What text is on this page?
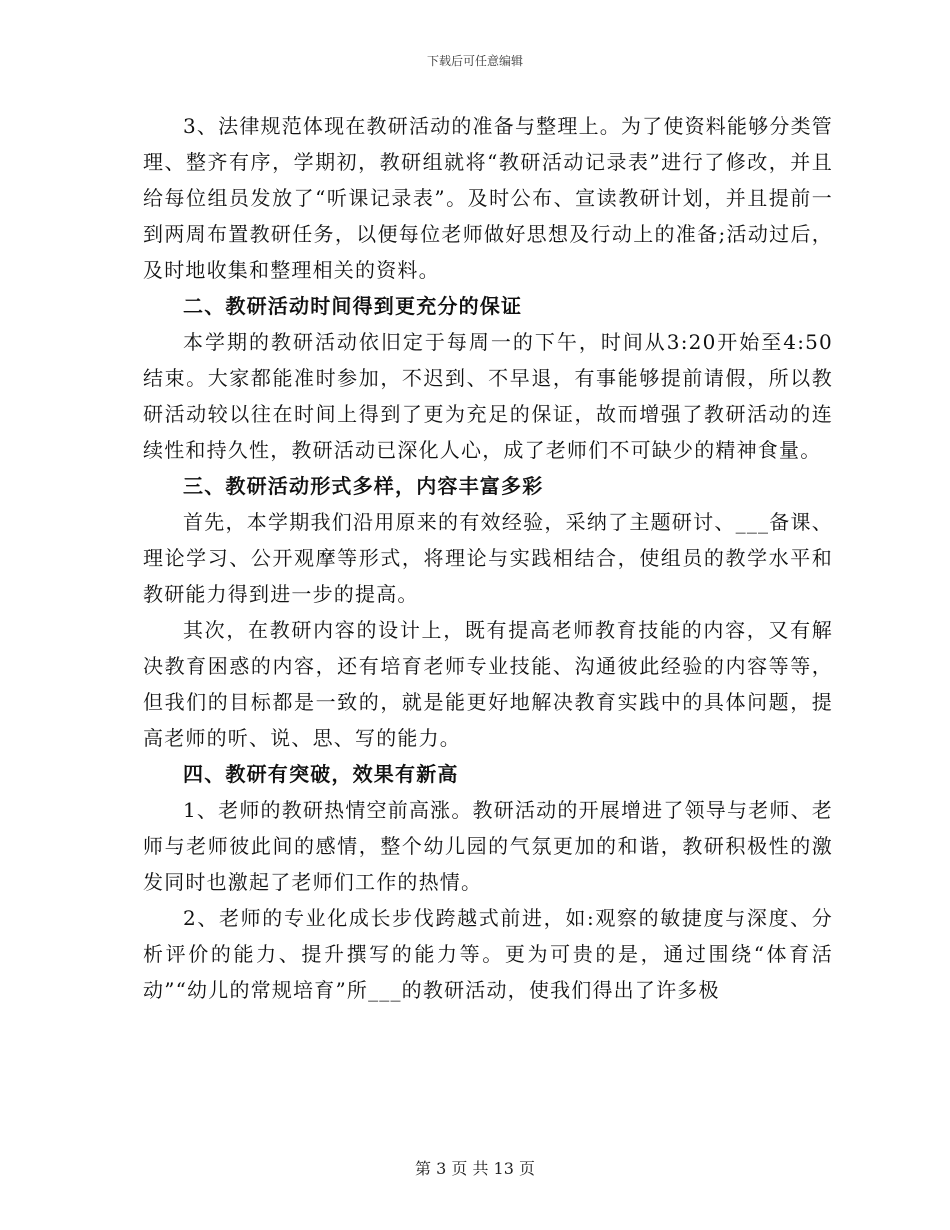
下载后可任意编辑

3、法律规范体现在教研活动的准备与整理上。为了使资料能够分类管理、整齐有序，学期初，教研组就将“教研活动记录表”进行了修改，并且给每位组员发放了“听课记录表”。及时公布、宣读教研计划，并且提前一到两周布置教研任务，以便每位老师做好思想及行动上的准备;活动过后，及时地收集和整理相关的资料。

二、教研活动时间得到更充分的保证

本学期的教研活动依旧定于每周一的下午，时间从3:20开始至4:50结束。大家都能准时参加，不迟到、不早退，有事能够提前请假，所以教研活动较以往在时间上得到了更为充足的保证，故而增强了教研活动的连续性和持久性，教研活动已深化人心，成了老师们不可缺少的精神食量。

三、教研活动形式多样，内容丰富多彩

首先，本学期我们沿用原来的有效经验，采纳了主题研讨、___备课、理论学习、公开观摩等形式，将理论与实践相结合，使组员的教学水平和教研能力得到进一步的提高。

其次，在教研内容的设计上，既有提高老师教育技能的内容，又有解决教育困惑的内容，还有培育老师专业技能、沟通彼此经验的内容等等，但我们的目标都是一致的，就是能更好地解决教育实践中的具体问题，提高老师的听、说、思、写的能力。

四、教研有突破，效果有新高

1、老师的教研热情空前高涨。教研活动的开展增进了领导与老师、老师与老师彼此间的感情，整个幼儿园的气氛更加的和谐，教研积极性的激发同时也激起了老师们工作的热情。

2、老师的专业化成长步伐跨越式前进，如:观察的敏捷度与深度、分析评价的能力、提升撰写的能力等。更为可贵的是，通过围绕“体育活动”“幼儿的常规培育”所___的教研活动，使我们得出了许多极

第 3 页 共 13 页
